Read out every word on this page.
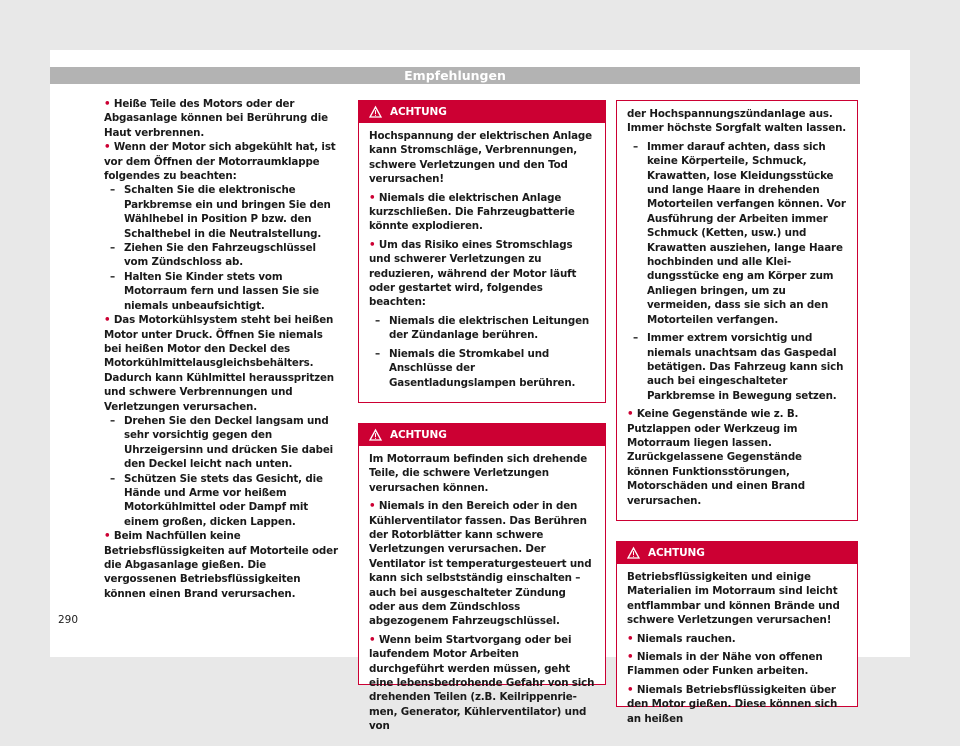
Empfehlungen

• Heiße Teile des Motors oder der Abgasanlage können bei Berührung die Haut verbrennen.

• Wenn der Motor sich abgekühlt hat, ist vor dem Öffnen der Motorraumklappe folgendes zu beachten:

– Schalten Sie die elektronische Parkbremse ein und bringen Sie den Wählhebel in Position P bzw. den Schalthebel in die Neutralstellung.

– Ziehen Sie den Fahrzeugschlüssel vom Zündschloss ab.

– Halten Sie Kinder stets vom Motorraum fern und lassen Sie sie niemals unbeaufsichtigt.

• Das Motorkühlsystem steht bei heißen Motor unter Druck. Öffnen Sie niemals bei heißen Motor den Deckel des Motorkühlmittelausgleichsbehälters. Dadurch kann Kühlmittel herausspritzen und schwere Verbrennungen und Verletzungen verursachen.

– Drehen Sie den Deckel langsam und sehr vorsichtig gegen den Uhrzeigersinn und drücken Sie dabei den Deckel leicht nach unten.

– Schützen Sie stets das Gesicht, die Hände und Arme vor heißem Motorkühlmittel oder Dampf mit einem großen, dicken Lappen.

• Beim Nachfüllen keine Betriebsflüssigkeiten auf Motorteile oder die Abgasanlage gießen. Die vergossenen Betriebsflüssigkeiten können einen Brand verursachen.

ACHTUNG

Hochspannung der elektrischen Anlage kann Stromschläge, Verbrennungen, schwere Verletzungen und den Tod verursachen!

• Niemals die elektrischen Anlage kurzschließen. Die Fahrzeugbatterie könnte explodieren.

• Um das Risiko eines Stromschlags und schwerer Verletzungen zu reduzieren, während der Motor läuft oder gestartet wird, folgendes beachten:

– Niemals die elektrischen Leitungen der Zündanlage berühren.

– Niemals die Stromkabel und Anschlüsse der Gasentladungslampen berühren.

ACHTUNG

Im Motorraum befinden sich drehende Teile, die schwere Verletzungen verursachen können.

• Niemals in den Bereich oder in den Kühlerventilator fassen. Das Berühren der Rotorblätter kann schwere Verletzungen verursachen. Der Ventilator ist temperaturgesteuert und kann sich selbstständig einschalten – auch bei ausgeschalteter Zündung oder aus dem Zündschloss abgezogenem Fahrzeugschlüssel.

• Wenn beim Startvorgang oder bei laufendem Motor Arbeiten durchgeführt werden müssen, geht eine lebensbedrohende Gefahr von sich drehenden Teilen (z.B. Keilrippenriemen, Generator, Kühlerventilator) und von

der Hochspannungszündanlage aus. Immer höchste Sorgfalt walten lassen.

– Immer darauf achten, dass sich keine Körperteile, Schmuck, Krawatten, lose Kleidungsstücke und lange Haare in drehenden Motorteilen verfangen können. Vor Ausführung der Arbeiten immer Schmuck (Ketten, usw.) und Krawatten ausziehen, lange Haare hochbinden und alle Kleidungsstücke eng am Körper zum Anliegen bringen, um zu vermeiden, dass sie sich an den Motorteilen verfangen.

– Immer extrem vorsichtig und niemals unachtsam das Gaspedal betätigen. Das Fahrzeug kann sich auch bei eingeschalteter Parkbremse in Bewegung setzen.

• Keine Gegenstände wie z. B. Putzlappen oder Werkzeug im Motorraum liegen lassen. Zurückgelassene Gegenstände können Funktionsstörungen, Motorschäden und einen Brand verursachen.

ACHTUNG

Betriebsflüssigkeiten und einige Materialien im Motorraum sind leicht entflammbar und können Brände und schwere Verletzungen verursachen!

• Niemals rauchen.

• Niemals in der Nähe von offenen Flammen oder Funken arbeiten.

• Niemals Betriebsflüssigkeiten über den Motor gießen. Diese können sich an heißen

290
